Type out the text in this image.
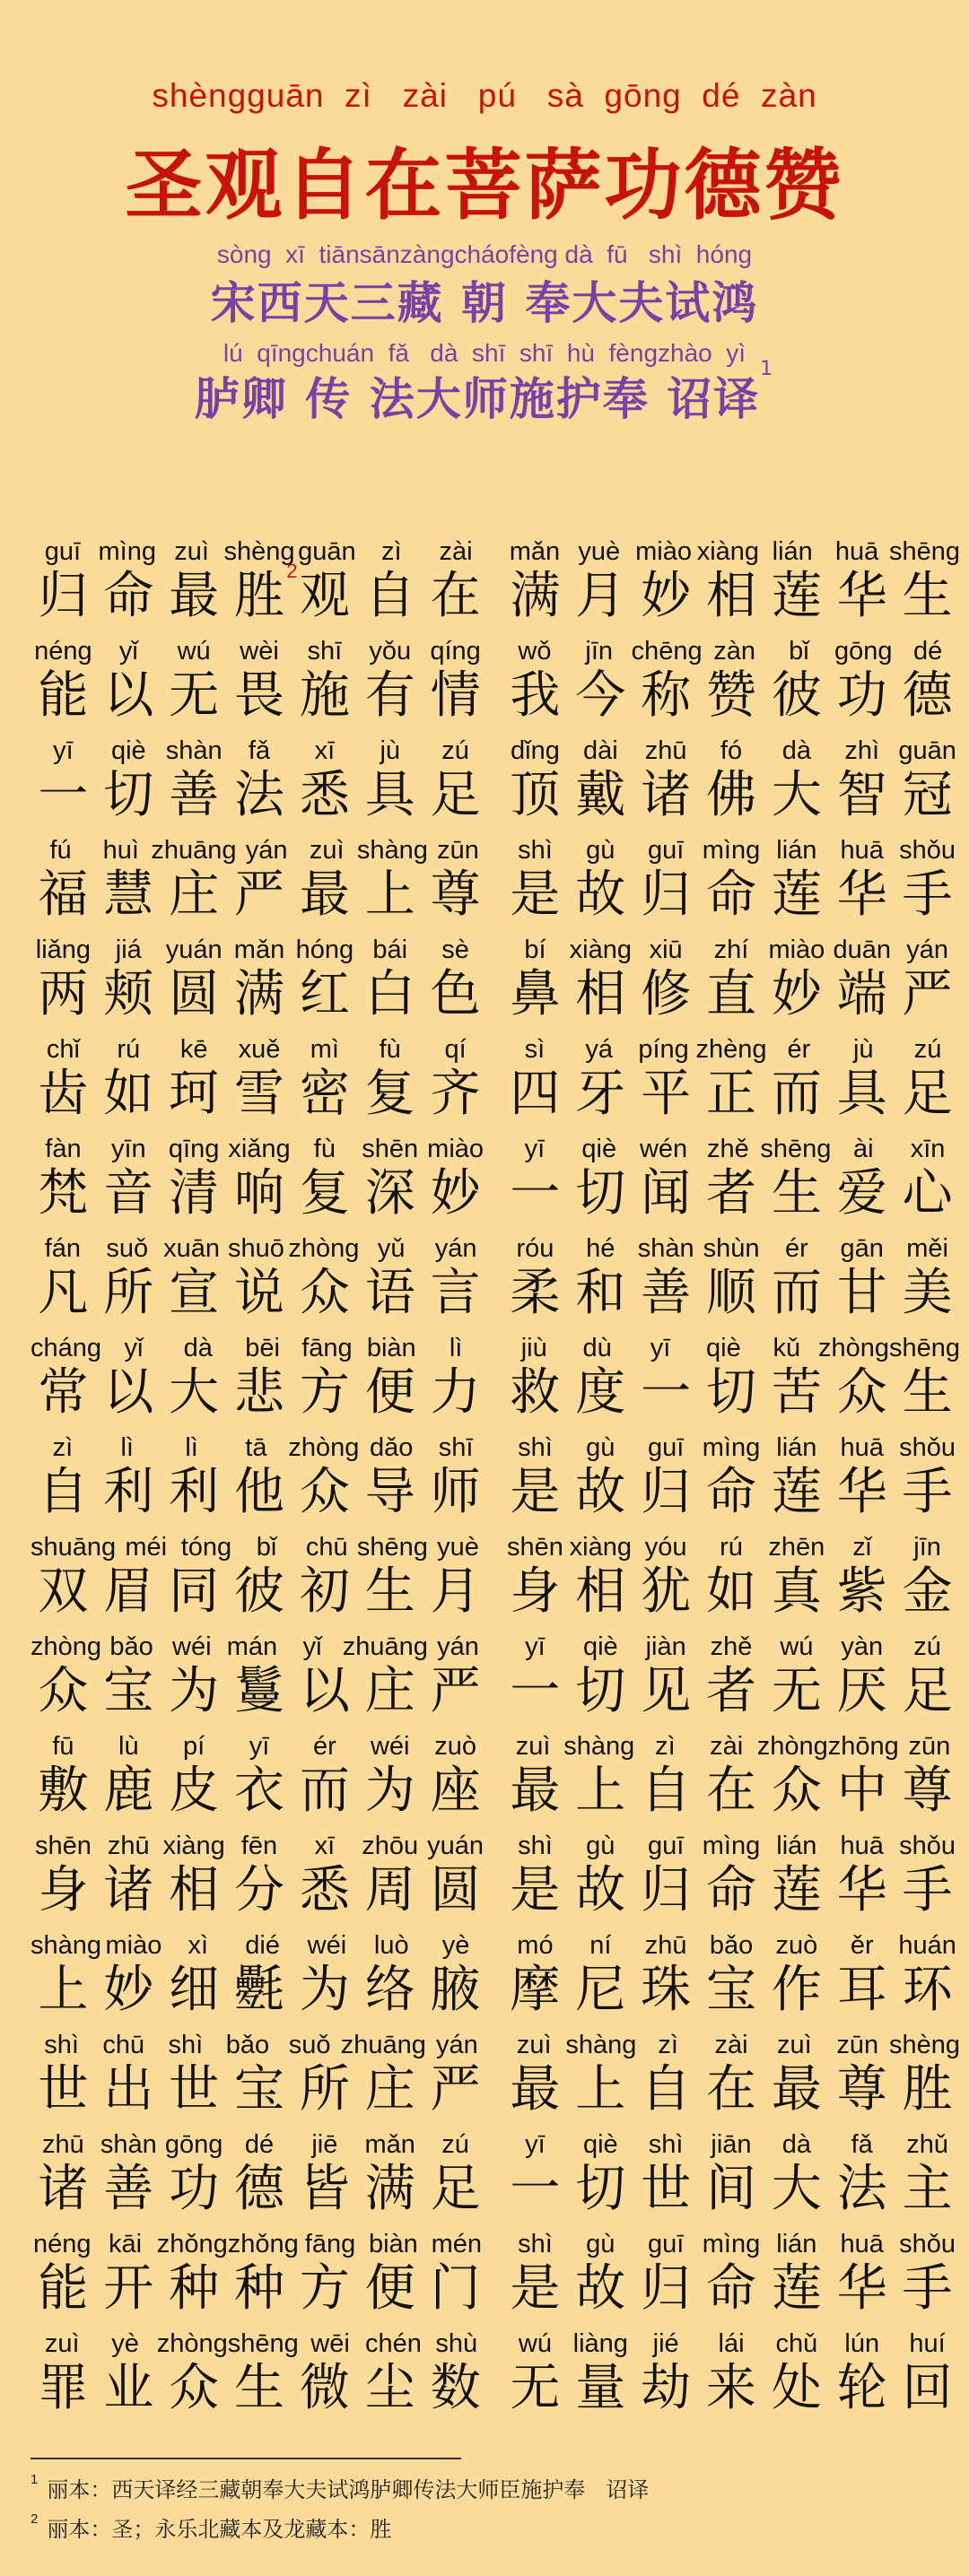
shèngguān  zì   zài   pú   sà  gōng  dé  zàn
圣观自在菩萨功德赞
sòng  xī  tiānsānzàngcháofèng dà  fū   shì  hóng
宋西天三藏 朝 奉大夫试鸿
lú  qīngchuán  fǎ   dà  shī  shī  hù  fèngzhào  yì
胪卿 传 法大师施护奉 诏译$^1$
guī mìng zuì shèng guān zì	zài
归 命 最 胜 2 观 自 在
mǎn yuè miào xiàng lián huā shēng
满 月 妙 相 莲 华 生
néng	yǐ	wú	wèi	shī	yǒu qíng
能 以 无 畏 施 有 情
wǒ	jīn chēng zàn	bǐ gōng dé
我 今 称 赞 彼 功 德
yī	qiè shàn	fǎ	xī	jù	zú
一 切 善 法 悉 具 足
dǐng dài	zhū	fó	dà	zhì guān
顶 戴 诸 佛 大 智 冠
fú	huì zhuāng yán zuì shàng zūn
福 慧 庄 严 最 上 尊
shì	gù	guī mìng lián huā shǒu
是 故 归 命 莲 华 手
liǎng jiá yuán mǎn hóng bái	sè
两 颊 圆 满 红 白 色
bí xiàng xiū	zhí miào duān yán
鼻 相 修 直 妙 端 严
chǐ	rú	kē	xuě	mì	fù	qí
齿 如 珂 雪 密 复 齐
sì	yá píng zhèng ér	jù	zú
四 牙 平 正 而 具 足
fàn	yīn qīng xiǎng fù	shēn miào
梵 音 清 响 复 深 妙
yī	qiè wén zhě shēng ài	xīn
一 切 闻 者 生 爱 心
fán suǒ xuān shuō zhòng yǔ	yán
凡 所 宣 说 众 语 言
róu	hé shàn shùn ér	gān měi
柔 和 善 顺 而 甘 美
cháng yǐ	dà	bēi fāng biàn	lì
常 以 大 悲 方 便 力
jiù	dù	yī	qiè	kǔ zhòng shēng
救 度 一 切 苦 众 生
zì	lì	lì	tā zhòng dǎo shī
自 利 利 他 众 导 师
shì	gù	guī mìng lián huā shǒu
是 故 归 命 莲 华 手
shuāng méi tóng bǐ	chū shēng yuè
双 眉 同 彼 初 生 月
shēn xiàng yóu	rú zhēn	zǐ	jīn
身 相 犹 如 真 紫 金
zhòng bǎo wéi mán yǐ zhuāng yán
众 宝 为 鬘 以 庄 严
yī	qiè	jiàn zhě	wú	yàn	zú
一 切 见 者 无 厌 足
fū	lù	pí	yī	ér	wéi zuò
敷 鹿 皮 衣 而 为 座
zuì shàng zì	zài zhòng zhōng zūn
最 上 自 在 众 中 尊
shēn zhū xiàng fēn	xī	zhōu yuán
身 诸 相 分 悉 周 圆
shì	gù	guī mìng lián huā shǒu
是 故 归 命 莲 华 手
shàng miào	xì	dié	wéi	luò	yè
上 妙 细 氎 为 络 腋
mó	ní	zhū bǎo zuò	ěr huán
摩 尼 珠 宝 作 耳 环
shì chū shì bǎo suǒ zhuāng yán
世 出 世 宝 所 庄 严
zuì shàng zì	zài	zuì zūn shèng
最 上 自 在 最 尊 胜
zhū shàn gōng dé	jiē	mǎn	zú
诸 善 功 德 皆 满 足
yī	qiè	shì	jiān	dà	fǎ	zhǔ
一 切 世 间 大 法 主
néng kāi zhǒng zhǒng fāng biàn mén
能 开 种 种 方 便 门
shì	gù	guī mìng lián huā shǒu
是 故 归 命 莲 华 手
zuì	yè zhòng shēng wēi chén shù
罪 业 众 生 微 尘 数
wú liàng jié	lái	chǔ	lún	huí
无 量 劫 来 处 轮 回
$^1$ 丽本：西天译经三藏朝奉大夫试鸿胪卿传法大师臣施护奉   诏译
$^2$ 丽本：圣；永乐北藏本及龙藏本：胜
